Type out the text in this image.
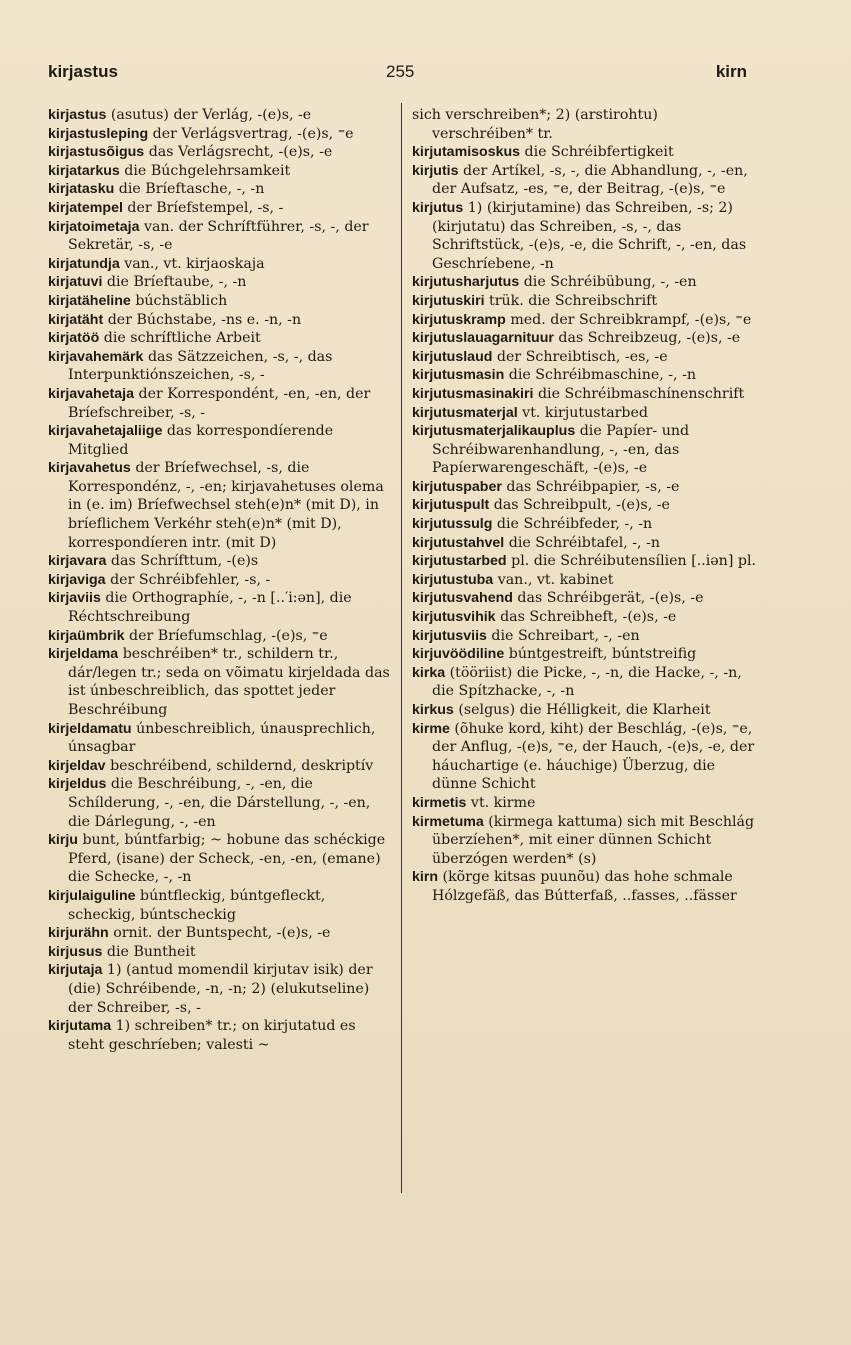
kirjastus	255	kirn
kirjastus (asutus) der Verlág, -(e)s, -e
kirjastusleping der Verlágsvertrag, -(e)s, ⁼e
kirjastusõigus das Verlágsrecht, -(e)s, -e
kirjatarkus die Búchgelehrsamkeit
kirjatasku die Bríeftasche, -, -n
kirjatempel der Bríefstempel, -s, -
kirjatoimetaja van. der Schríftführer, -s, -, der Sekretär, -s, -e
kirjatundja van., vt. kirjaoskaja
kirjatuvi die Bríeftaube, -, -n
kirjatäheline búchstäblich
kirjatäht der Búchstabe, -ns e. -n, -n
kirjatöö die schríftliche Arbeit
kirjavahemärk das Sätzzeichen, -s, -, das Interpunktiónszeichen, -s, -
kirjavahetaja der Korrespondént, -en, -en, der Bríefschreiber, -s, -
kirjavahetajaliige das korrespondíerende Mitglied
kirjavahetus der Bríefwechsel, -s, die Korrespondénz, -, -en; kirjavahetuses olema in (e. im) Bríefwechsel steh(e)n* (mit D), in bríeflichem Verkéhr steh(e)n* (mit D), korrespondíeren intr. (mit D)
kirjavara das Schrífttum, -(e)s
kirjaviga der Schréibfehler, -s, -
kirjaviis die Orthographíe, -, -n [..′i:ən], die Réchtschreibung
kirjaümbrik der Bríefumschlag, -(e)s, ⁼e
kirjeldama beschréiben* tr., schildern tr., dár/legen tr.; seda on võimatu kirjeldada das ist únbeschreiblich, das spottet jeder Beschréibung
kirjeldamatu únbeschreiblich, únausprechlich, únsagbar
kirjeldav beschréibend, schildernd, deskriptív
kirjeldus die Beschréibung, -, -en, die Schílderung, -, -en, die Dárstellung, -, -en, die Dárlegung, -, -en
kirju bunt, búntfarbig; ~ hobune das schéckige Pferd, (isane) der Scheck, -en, -en, (emane) die Schecke, -, -n
kirjulaiguline búntfleckig, búntgefleckt, scheckig, búntscheckig
kirjurähn ornit. der Buntspecht, -(e)s, -e
kirjusus die Buntheit
kirjutaja 1) (antud momendil kirjutav isik) der (die) Schréibende, -n, -n; 2) (elukutseline) der Schreiber, -s, -
kirjutama 1) schreiben* tr.; on kirjutatud es steht geschríeben; valesti ~
sich verschreiben*; 2) (arstirohtu) verschréiben* tr.
kirjutamisoskus die Schréibfertigkeit
kirjutis der Artíkel, -s, -, die Abhandlung, -, -en, der Aufsatz, -es, ⁼e, der Beitrag, -(e)s, ⁼e
kirjutus 1) (kirjutamine) das Schreiben, -s; 2) (kirjutatu) das Schreiben, -s, -, das Schriftstück, -(e)s, -e, die Schrift, -, -en, das Geschríebene, -n
kirjutusharjutus die Schréibübung, -, -en
kirjutuskiri trük. die Schreibschrift
kirjutuskramp med. der Schreibkrampf, -(e)s, ⁼e
kirjutuslauagarnituur das Schreibzeug, -(e)s, -e
kirjutuslaud der Schreibtisch, -es, -e
kirjutusmasin die Schréibmaschine, -, -n
kirjutusmasinakiri die Schréibmaschínenschrift
kirjutusmaterjal vt. kirjutustarbed
kirjutusmaterjalikauplus die Papíer- und Schréibwarenhandlung, -, -en, das Papíerwarengeschäft, -(e)s, -e
kirjutuspaber das Schréibpapier, -s, -e
kirjutuspult das Schreibpult, -(e)s, -e
kirjutussulg die Schréibfeder, -, -n
kirjutustahvel die Schréibtafel, -, -n
kirjutustarbed pl. die Schréibutensílien [..iən] pl.
kirjutustuba van., vt. kabinet
kirjutusvahend das Schréibgerät, -(e)s, -e
kirjutusvihik das Schreibheft, -(e)s, -e
kirjutusviis die Schreibart, -, -en
kirjuvöödiline búntgestreift, búntstreifig
kirka (tööriist) die Picke, -, -n, die Hacke, -, -n, die Spítzhacke, -, -n
kirkus (selgus) die Hélligkeit, die Klarheit
kirme (õhuke kord, kiht) der Beschlág, -(e)s, ⁼e, der Anflug, -(e)s, ⁼e, der Hauch, -(e)s, -e, der háuchartige (e. háuchige) Überzug, die dünne Schicht
kirmetis vt. kirme
kirmetuma (kirmega kattuma) sich mit Beschlág überzíehen*, mit einer dünnen Schicht überzógen werden* (s)
kirn (kõrge kitsas puunõu) das hohe schmale Hólzgefäß, das Bútterfaß, ..fasses, ..fässer
